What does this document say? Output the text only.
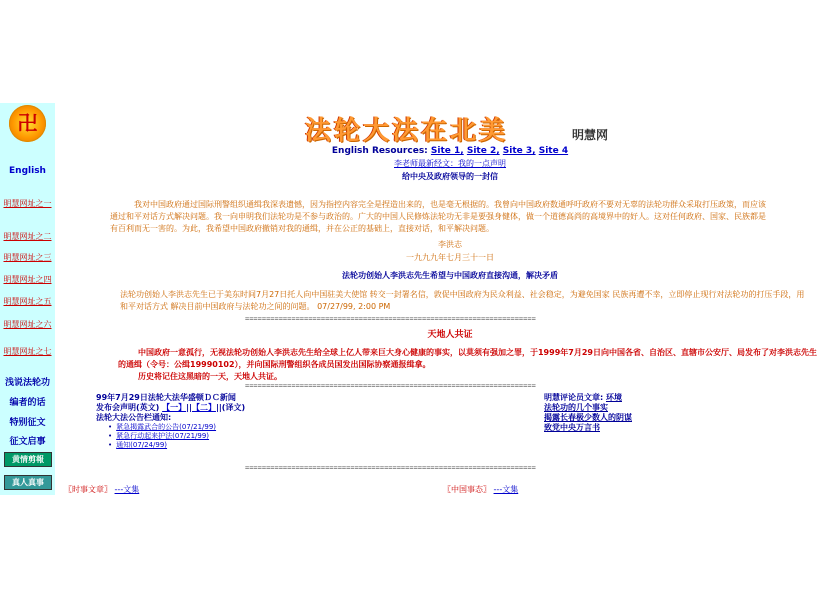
卍
English
明慧网址之一
明慧网址之二
明慧网址之三
明慧网址之四
明慧网址之五
明慧网址之六
明慧网址之七
浅说法轮功
编者的话
特别征文
征文启事
黄情剪報
真人真事
法轮大法在北美	明慧网
English Resources: Site 1, Site 2, Site 3, Site 4
李老师最新经文：我的一点声明
给中央及政府领导的一封信
我对中国政府通过国际刑警组织通缉我深表遗憾，因为指控内容完全是捏造出来的，也是毫无根据的。我曾向中国政府数通呼吁政府不要对无辜的法轮功群众采取打压政策，而应该通过和平对话方式解决问题。我一向申明我们法轮功是不参与政治的。广大的中国人民修炼法轮功无非是要强身健体，做一个道德高尚的高境界中的好人。这对任何政府、国家、民族都是有百利而无一害的。为此，我希望中国政府撤销对我的通缉，并在公正的基础上，直接对话，和平解决问题。
李洪志
一九九九年七月三十一日
法轮功创始人李洪志先生希望与中国政府直接沟通，解决矛盾
法轮功创始人李洪志先生已于美东时间7月27日托人向中国驻美大使馆 转交一封署名信，敦促中国政府为民众利益、社会稳定，为避免国家 民族再遭不幸，立即停止现行对法轮功的打压手段，用和平对话方式 解决目前中国政府与法轮功之间的问题。 07/27/99, 2:00 PM
=====================================================================
天地人共证
中国政府一意孤行，无视法轮功创始人李洪志先生给全球上亿人带来巨大身心健康的事实，以莫须有强加之罪，于1999年7月29日向中国各省、自治区、直辖市公安厅、局发布了对李洪志先生的通缉（令号：公缉19990102），并向国际刑警组织各成员国发出国际协察通报缉拿。
历史将记住这黑暗的一天，天地人共证。
=====================================================================
99年7月29日法轮大法华盛顿ＤＣ新闻
发布会声明(英文) 【一】||【二】||(译文)
法轮大法公告栏通知:
• 紧急揭露武合的公告(07/21/99)
• 紧急行动起来护法(07/21/99)
• 通知(07/24/99)
明慧评论员文章: 环境
法轮功的几个事实
揭露长春极少数人的阴谋
致党中央万言书
=====================================================================
〖时事文章〗 ---文集	〖中国事态〗 ---文集
